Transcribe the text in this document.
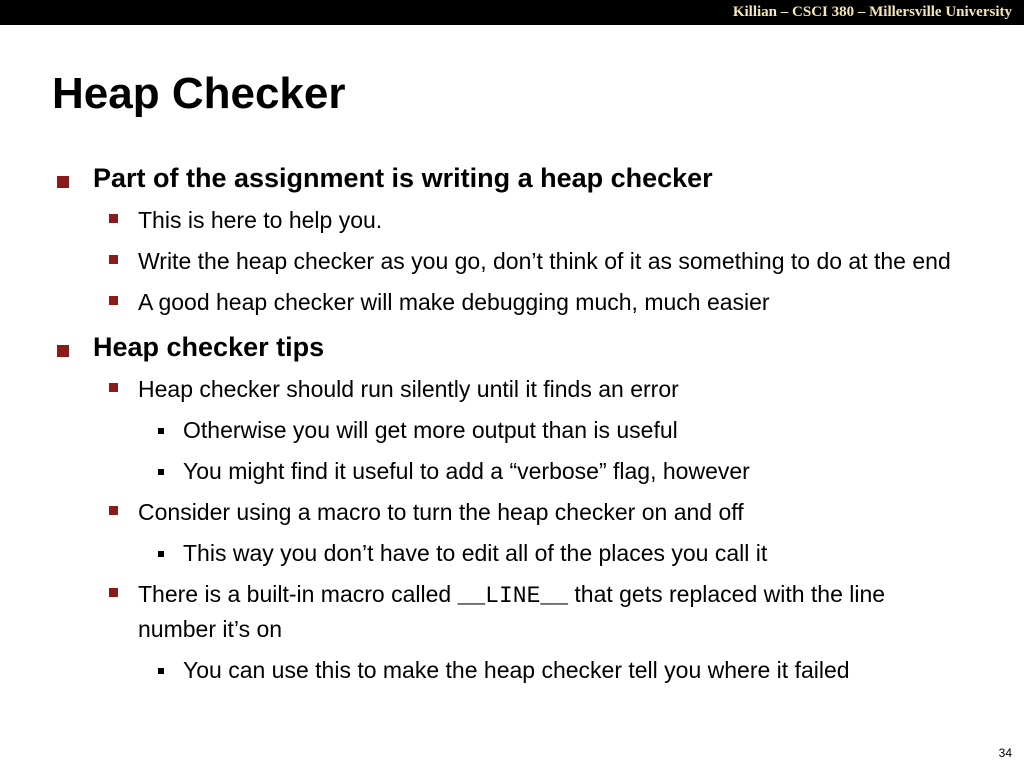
Killian – CSCI 380 – Millersville University
Heap Checker
Part of the assignment is writing a heap checker
This is here to help you.
Write the heap checker as you go, don’t think of it as something to do at the end
A good heap checker will make debugging much, much easier
Heap checker tips
Heap checker should run silently until it finds an error
Otherwise you will get more output than is useful
You might find it useful to add a “verbose” flag, however
Consider using a macro to turn the heap checker on and off
This way you don’t have to edit all of the places you call it
There is a built-in macro called __LINE__ that gets replaced with the line number it’s on
You can use this to make the heap checker tell you where it failed
34
